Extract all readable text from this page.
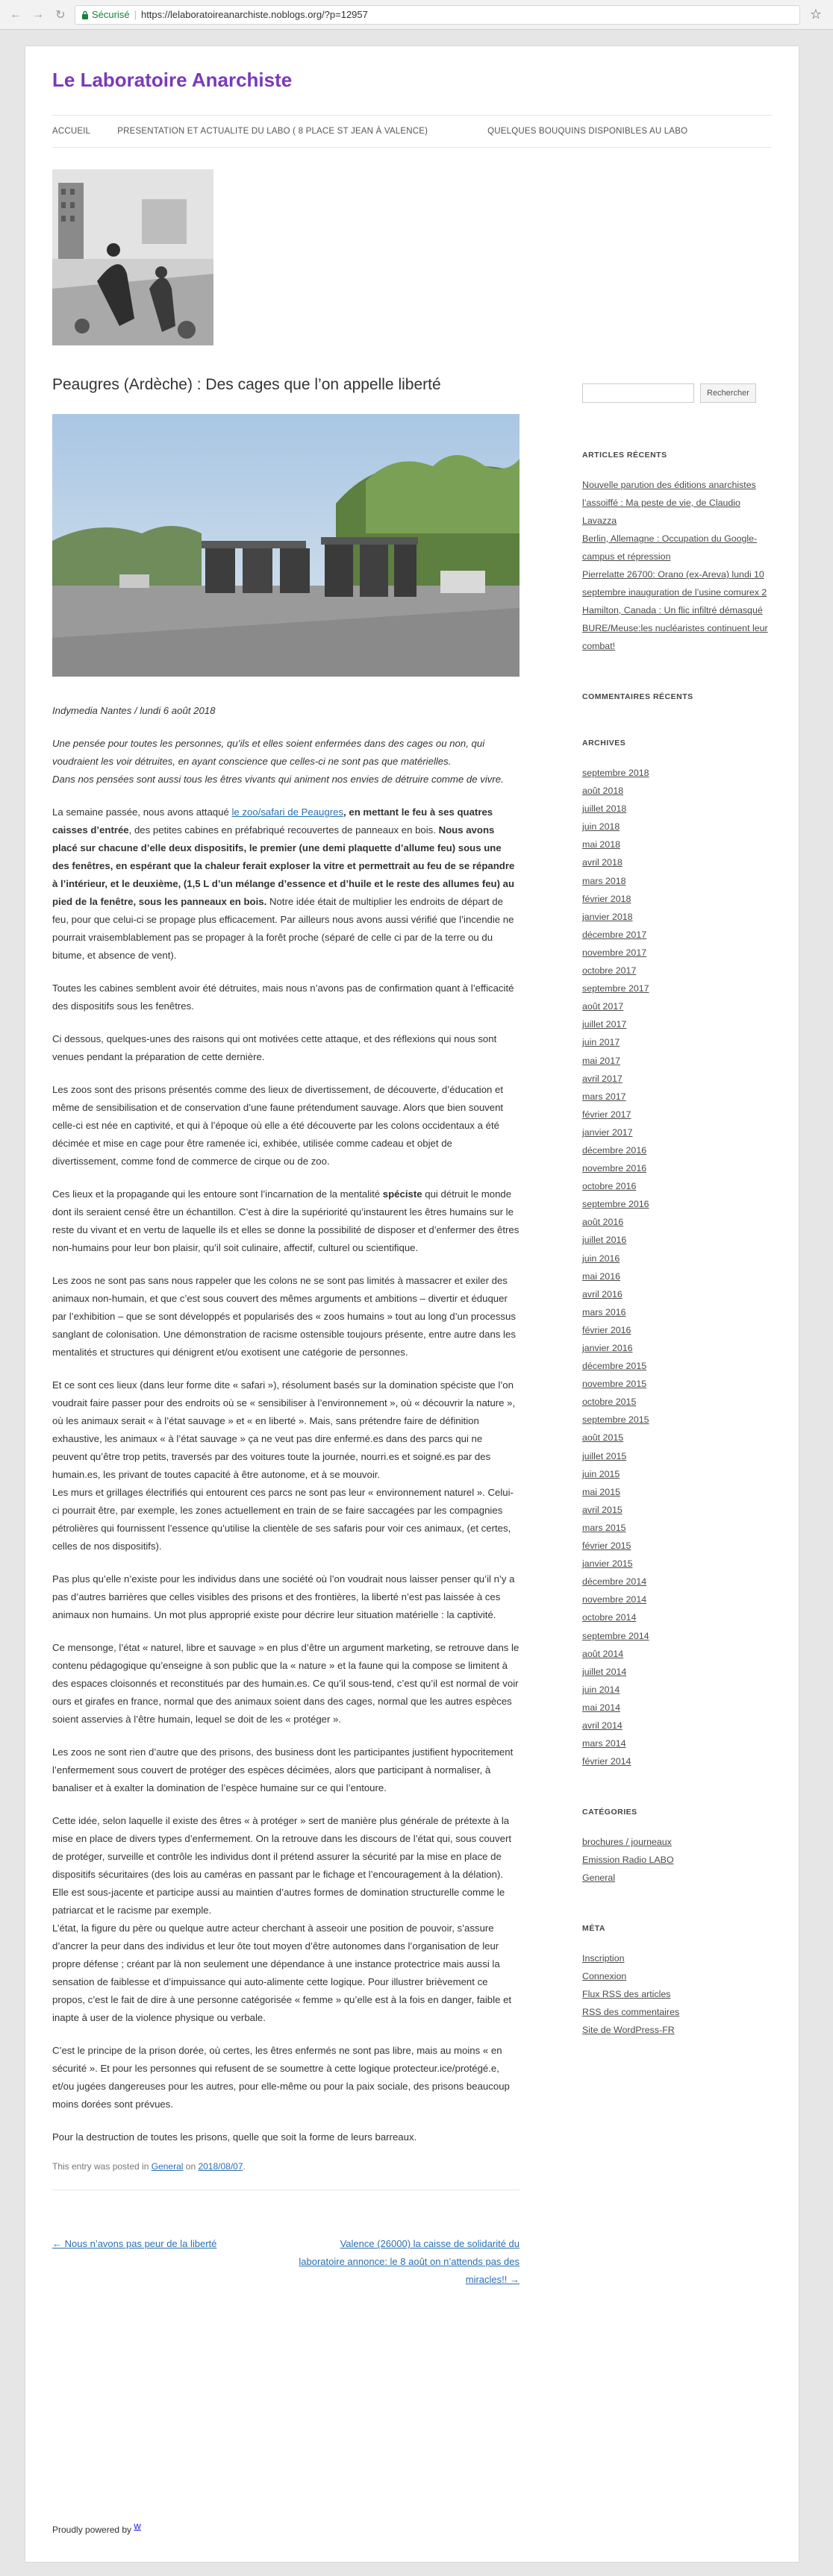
← → ↻	Sécurisé | https://lelaboratoireanarchiste.noblogs.org/?p=12957	☆
Le Laboratoire Anarchiste
ACCUEIL	PRESENTATION ET ACTUALITE DU LABO ( 8 PLACE ST JEAN À VALENCE)	QUELQUES BOUQUINS DISPONIBLES AU LABO
Peaugres (Ardèche) : Des cages que l’on appelle liberté

Indymedia Nantes / lundi 6 août 2018

Une pensée pour toutes les personnes, qu’ils et elles soient enfermées dans des cages ou non, qui voudraient les voir détruites, en ayant conscience que celles-ci ne sont pas que matérielles.
Dans nos pensées sont aussi tous les êtres vivants qui animent nos envies de détruire comme de vivre.

La semaine passée, nous avons attaqué le zoo/safari de Peaugres, en mettant le feu à ses quatres caisses d’entrée, des petites cabines en préfabriqué recouvertes de panneaux en bois. Nous avons placé sur chacune d’elle deux dispositifs, le premier (une demi plaquette d’allume feu) sous une des fenêtres, en espérant que la chaleur ferait exploser la vitre et permettrait au feu de se répandre à l’intérieur, et le deuxième, (1,5 L d’un mélange d’essence et d’huile et le reste des allumes feu) au pied de la fenêtre, sous les panneaux en bois. Notre idée était de multiplier les endroits de départ de feu, pour que celui-ci se propage plus efficacement. Par ailleurs nous avons aussi vérifié que l’incendie ne pourrait vraisemblablement pas se propager à la forêt proche (séparé de celle ci par de la terre ou du bitume, et absence de vent).

Toutes les cabines semblent avoir été détruites, mais nous n’avons pas de confirmation quant à l’efficacité des dispositifs sous les fenêtres.

Ci dessous, quelques-unes des raisons qui ont motivées cette attaque, et des réflexions qui nous sont venues pendant la préparation de cette dernière.

Les zoos sont des prisons présentés comme des lieux de divertissement, de découverte, d’éducation et même de sensibilisation et de conservation d’une faune prétendument sauvage. Alors que bien souvent celle-ci est née en captivité, et qui à l’époque où elle a été découverte par les colons occidentaux a été décimée et mise en cage pour être ramenée ici, exhibée, utilisée comme cadeau et objet de divertissement, comme fond de commerce de cirque ou de zoo.

Ces lieux et la propagande qui les entoure sont l’incarnation de la mentalité spéciste qui détruit le monde dont ils seraient censé être un échantillon. C’est à dire la supériorité qu’instaurent les êtres humains sur le reste du vivant et en vertu de laquelle ils et elles se donne la possibilité de disposer et d’enfermer des êtres non-humains pour leur bon plaisir, qu’il soit culinaire, affectif, culturel ou scientifique.

Les zoos ne sont pas sans nous rappeler que les colons ne se sont pas limités à massacrer et exiler des animaux non-humain, et que c’est sous couvert des mêmes arguments et ambitions – divertir et éduquer par l’exhibition – que se sont développés et popularisés des « zoos humains » tout au long d’un processus sanglant de colonisation. Une démonstration de racisme ostensible toujours présente, entre autre dans les mentalités et structures qui dénigrent et/ou exotisent une catégorie de personnes.

Et ce sont ces lieux (dans leur forme dite « safari »), résolument basés sur la domination spéciste que l’on voudrait faire passer pour des endroits où se « sensibiliser à l’environnement », où « découvrir la nature », où les animaux serait « à l’état sauvage » et « en liberté ». Mais, sans prétendre faire de définition exhaustive, les animaux « à l’état sauvage » ça ne veut pas dire enfermé.es dans des parcs qui ne peuvent qu’être trop petits, traversés par des voitures toute la journée, nourri.es et soigné.es par des humain.es, les privant de toutes capacité à être autonome, et à se mouvoir.
Les murs et grillages électrifiés qui entourent ces parcs ne sont pas leur « environnement naturel ». Celui-ci pourrait être, par exemple, les zones actuellement en train de se faire saccagées par les compagnies pétrolières qui fournissent l’essence qu’utilise la clientèle de ses safaris pour voir ces animaux, (et certes, celles de nos dispositifs).

Pas plus qu’elle n’existe pour les individus dans une société où l’on voudrait nous laisser penser qu’il n’y a pas d’autres barrières que celles visibles des prisons et des frontières, la liberté n’est pas laissée à ces animaux non humains. Un mot plus approprié existe pour décrire leur situation matérielle : la captivité.

Ce mensonge, l’état « naturel, libre et sauvage » en plus d’être un argument marketing, se retrouve dans le contenu pédagogique qu’enseigne à son public que la « nature » et la faune qui la compose se limitent à des espaces cloisonnés et reconstitués par des humain.es. Ce qu’il sous-tend, c’est qu’il est normal de voir ours et girafes en france, normal que des animaux soient dans des cages, normal que les autres espèces soient asservies à l’être humain, lequel se doit de les « protéger ».

Les zoos ne sont rien d’autre que des prisons, des business dont les participantes justifient hypocritement l’enfermement sous couvert de protéger des espèces décimées, alors que participant à normaliser, à banaliser et à exalter la domination de l’espèce humaine sur ce qui l’entoure.

Cette idée, selon laquelle il existe des êtres « à protéger » sert de manière plus générale de prétexte à la mise en place de divers types d’enfermement. On la retrouve dans les discours de l’état qui, sous couvert de protéger, surveille et contrôle les individus dont il prétend assurer la sécurité par la mise en place de dispositifs sécuritaires (des lois au caméras en passant par le fichage et l’encouragement à la délation). Elle est sous-jacente et participe aussi au maintien d’autres formes de domination structurelle comme le patriarcat et le racisme par exemple.
L’état, la figure du père ou quelque autre acteur cherchant à asseoir une position de pouvoir, s’assure d’ancrer la peur dans des individus et leur ôte tout moyen d’être autonomes dans l’organisation de leur propre défense ; créant par là non seulement une dépendance à une instance protectrice mais aussi la sensation de faiblesse et d’impuissance qui auto-alimente cette logique. Pour illustrer brièvement ce propos, c’est le fait de dire à une personne catégorisée « femme » qu’elle est à la fois en danger, faible et inapte à user de la violence physique ou verbale.

C’est le principe de la prison dorée, où certes, les êtres enfermés ne sont pas libre, mais au moins « en sécurité ». Et pour les personnes qui refusent de se soumettre à cette logique protecteur.ice/protégé.e, et/ou jugées dangereuses pour les autres, pour elle-même ou pour la paix sociale, des prisons beaucoup moins dorées sont prévues.

Pour la destruction de toutes les prisons, quelle que soit la forme de leurs barreaux.

This entry was posted in General on 2018/08/07.
← Nous n’avons pas peur de la liberté	Valence (26000) la caisse de solidarité du laboratoire annonce: le 8 août on n’attends pas des miracles!! →
Rechercher
ARTICLES RÉCENTS
Nouvelle parution des éditions anarchistes l’assoiffé : Ma peste de vie, de Claudio Lavazza
Berlin, Allemagne : Occupation du Google-campus et répression
Pierrelatte 26700: Orano (ex-Areva) lundi 10 septembre inauguration de l’usine comurex 2
Hamilton, Canada : Un flic infiltré démasqué
BURE/Meuse:les nucléaristes continuent leur combat!
COMMENTAIRES RÉCENTS
ARCHIVES
septembre 2018
août 2018
juillet 2018
juin 2018
mai 2018
avril 2018
mars 2018
février 2018
janvier 2018
décembre 2017
novembre 2017
octobre 2017
septembre 2017
août 2017
juillet 2017
juin 2017
mai 2017
avril 2017
mars 2017
février 2017
janvier 2017
décembre 2016
novembre 2016
octobre 2016
septembre 2016
août 2016
juillet 2016
juin 2016
mai 2016
avril 2016
mars 2016
février 2016
janvier 2016
décembre 2015
novembre 2015
octobre 2015
septembre 2015
août 2015
juillet 2015
juin 2015
mai 2015
avril 2015
mars 2015
février 2015
janvier 2015
décembre 2014
novembre 2014
octobre 2014
septembre 2014
août 2014
juillet 2014
juin 2014
mai 2014
avril 2014
mars 2014
février 2014
CATÉGORIES
brochures / journeaux
Emission Radio LABO
General
MÉTA
Inscription
Connexion
Flux RSS des articles
RSS des commentaires
Site de WordPress-FR
Proudly powered by $^W$
